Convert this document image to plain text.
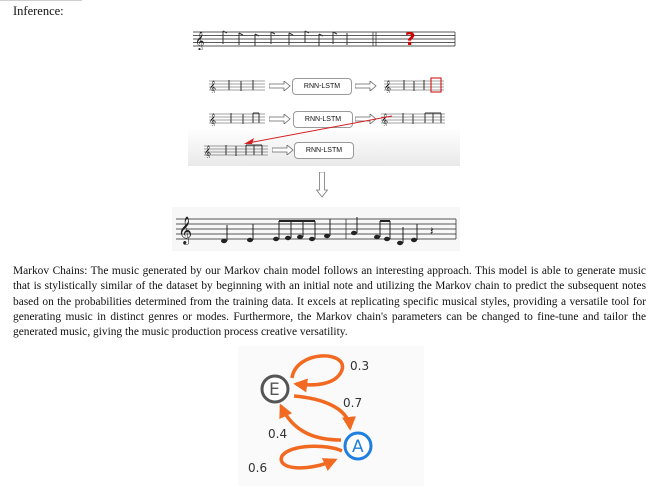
Inference:
𝄞	?
𝄞	RNN-LSTM	𝄞
𝄞	RNN-LSTM	𝄞
𝄞	RNN-LSTM
𝄞	𝄽
Markov Chains: The music generated by our Markov chain model follows an interesting approach. This model is able to generate music that is stylistically similar of the dataset by beginning with an initial note and utilizing the Markov chain to predict the subsequent notes based on the probabilities determined from the training data. It excels at replicating specific musical styles, providing a versatile tool for generating music in distinct genres or modes. Furthermore, the Markov chain's parameters can be changed to fine-tune and tailor the generated music, giving the music production process creative versatility.
E
A
0.3
0.7
0.4
0.6
